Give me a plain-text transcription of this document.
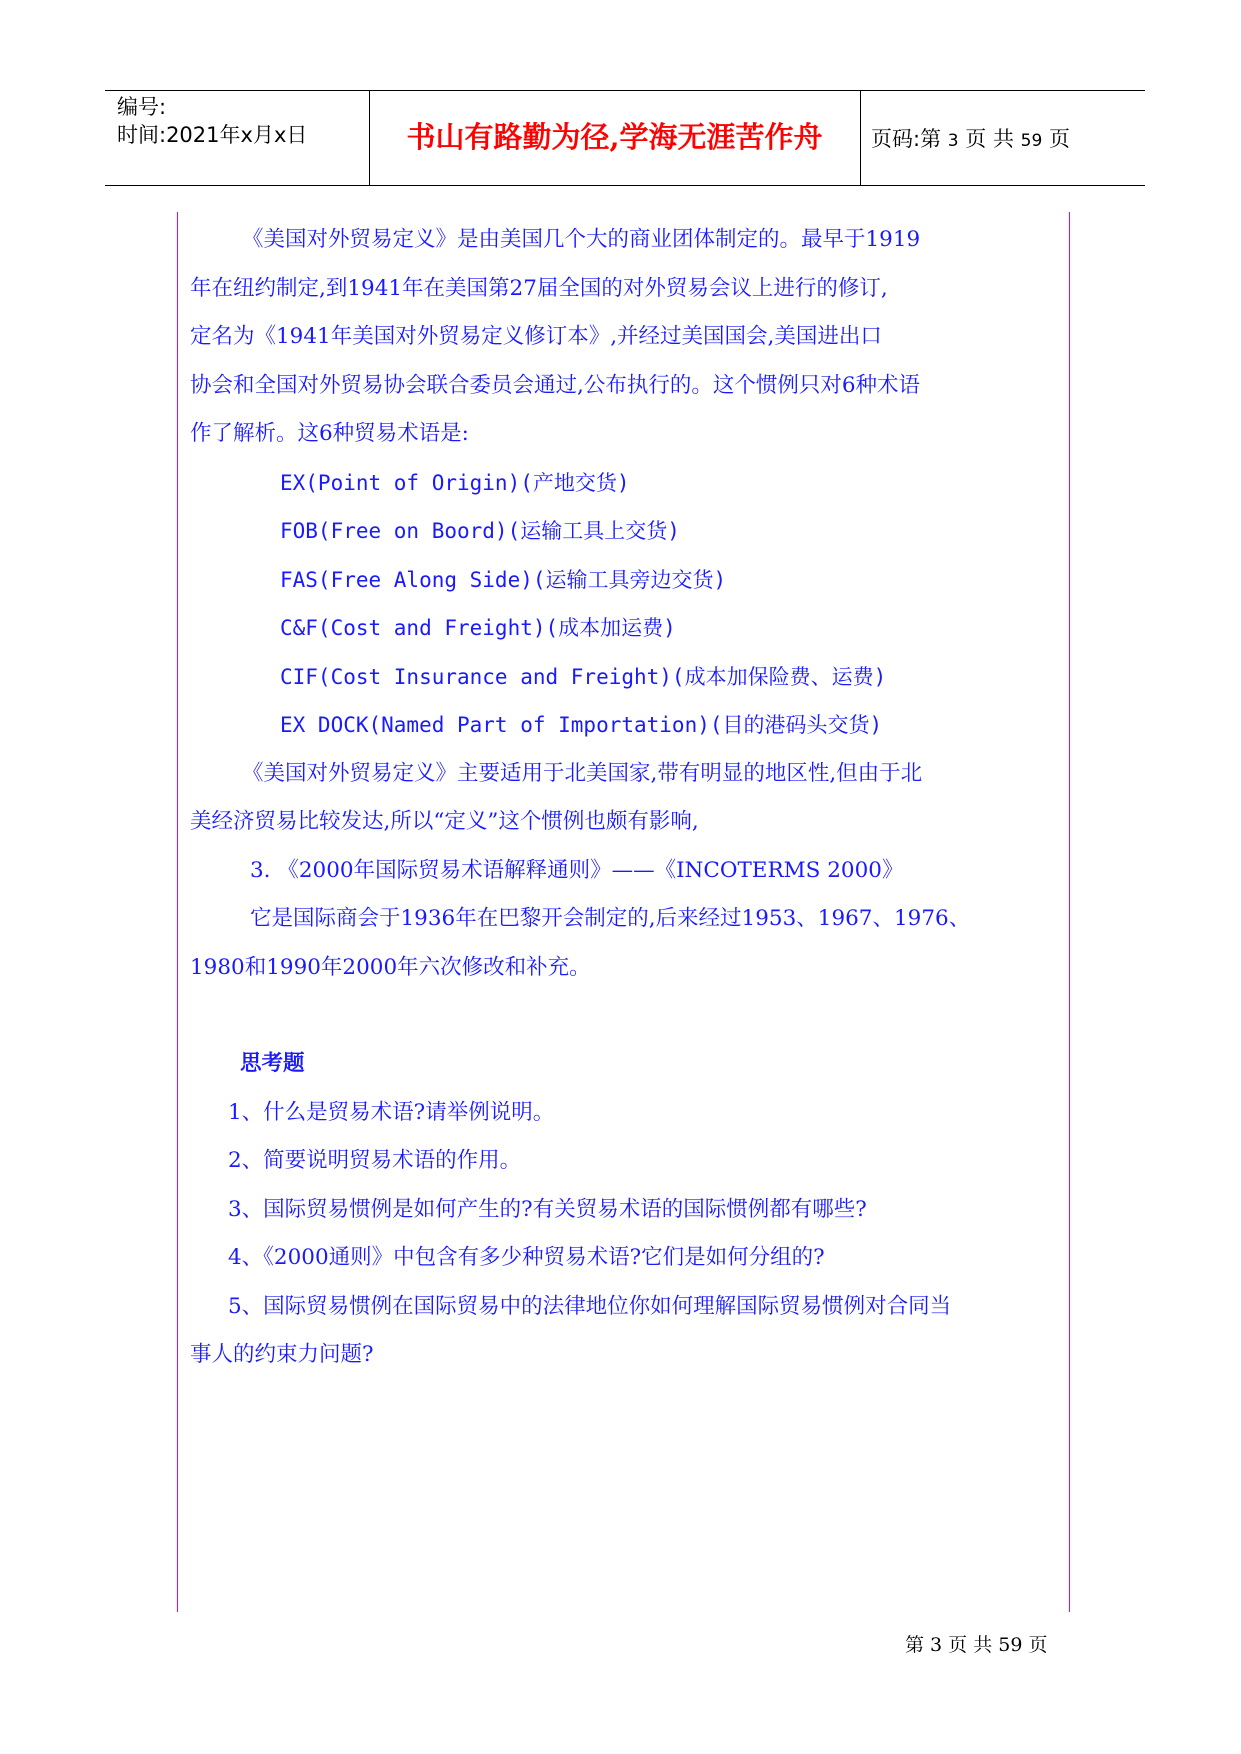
编号:
时间:2021年x月x日	书山有路勤为径,学海无涯苦作舟	页码:第 3 页 共 59 页
《美国对外贸易定义》是由美国几个大的商业团体制定的。最早于1919
年在纽约制定,到1941年在美国第27届全国的对外贸易会议上进行的修订,
定名为《1941年美国对外贸易定义修订本》,并经过美国国会,美国进出口
协会和全国对外贸易协会联合委员会通过,公布执行的。这个惯例只对6种术语
作了解析。这6种贸易术语是:
EX(Point of Origin)(产地交货)
FOB(Free on Boord)(运输工具上交货)
FAS(Free Along Side)(运输工具旁边交货)
C&F(Cost and Freight)(成本加运费)
CIF(Cost Insurance and Freight)(成本加保险费、运费)
EX DOCK(Named Part of Importation)(目的港码头交货)
《美国对外贸易定义》主要适用于北美国家,带有明显的地区性,但由于北
美经济贸易比较发达,所以“定义”这个惯例也颇有影响,
3. 《2000年国际贸易术语解释通则》——《INCOTERMS 2000》
它是国际商会于1936年在巴黎开会制定的,后来经过1953、1967、1976、
1980和1990年2000年六次修改和补充。
思考题
1、什么是贸易术语?请举例说明。
2、简要说明贸易术语的作用。
3、国际贸易惯例是如何产生的?有关贸易术语的国际惯例都有哪些?
4、《2000通则》中包含有多少种贸易术语?它们是如何分组的?
5、国际贸易惯例在国际贸易中的法律地位你如何理解国际贸易惯例对合同当
事人的约束力问题?
第 3 页 共 59 页
